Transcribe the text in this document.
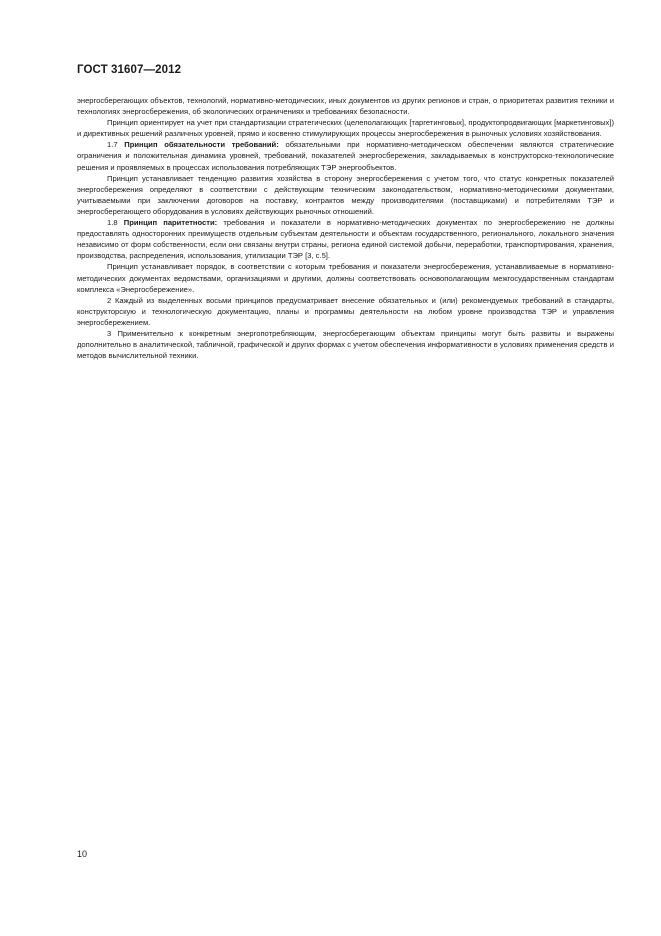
ГОСТ 31607—2012

энергосберегающих объектов, технологий, нормативно-методических, иных документов из других регионов и стран, о приоритетах развития техники и технологиях энергосбережения, об экологических ограничениях и требованиях безопасности.

Принцип ориентирует на учет при стандартизации стратегических (целеполагающих [таргетинговых], продуктопродвигающих [маркетинговых]) и директивных решений различных уровней, прямо и косвенно стимулирующих процессы энергосбережения в рыночных условиях хозяйствования.

1.7 Принцип обязательности требований: обязательными при нормативно-методическом обеспечении являются стратегические ограничения и положительная динамика уровней, требований, показателей энергосбережения, закладываемых в конструкторско-технологические решения и проявляемых в процессах использования потребляющих ТЭР энергообъектов.

Принцип устанавливает тенденцию развития хозяйства в сторону энергосбережения с учетом того, что статус конкретных показателей энергосбережения определяют в соответствии с действующим техническим законодательством, нормативно-методическими документами, учитываемыми при заключении договоров на поставку, контрактов между производителями (поставщиками) и потребителями ТЭР и энергосберегающего оборудования в условиях действующих рыночных отношений.

1.8 Принцип паритетности: требования и показатели в нормативно-методических документах по энергосбережению не должны предоставлять односторонних преимуществ отдельным субъектам деятельности и объектам государственного, регионального, локального значения независимо от форм собственности, если они связаны внутри страны, региона единой системой добычи, переработки, транспортирования, хранения, производства, распределения, использования, утилизации ТЭР [3, с.5].

Принцип устанавливает порядок, в соответствии с которым требования и показатели энергосбережения, устанавливаемые в нормативно-методических документах ведомствами, организациями и другими, должны соответствовать основополагающим межгосударственным стандартам комплекса «Энергосбережение».

2 Каждый из выделенных восьми принципов предусматривает внесение обязательных и (или) рекомендуемых требований в стандарты, конструкторскую и технологическую документацию, планы и программы деятельности на любом уровне производства ТЭР и управления энергосбережением.

3 Применительно к конкретным энергопотребляющим, энергосберегающим объектам принципы могут быть развиты и выражены дополнительно в аналитической, табличной, графической и других формах с учетом обеспечения информативности в условиях применения средств и методов вычислительной техники.

10
